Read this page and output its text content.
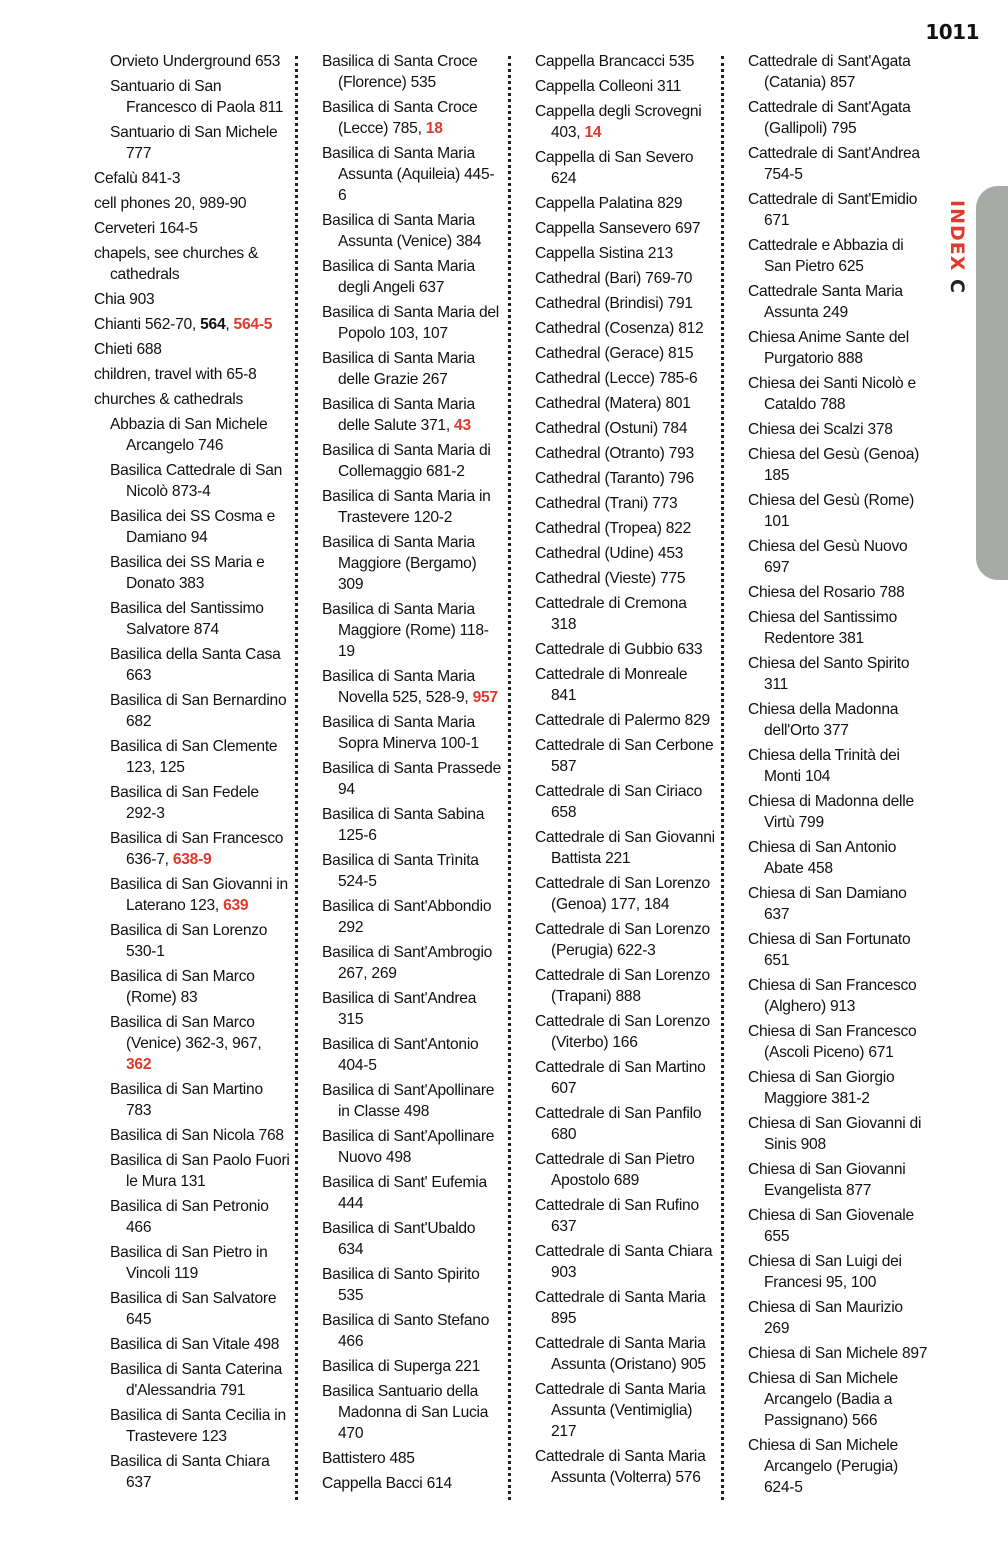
1011
INDEXC
Orvieto Underground 653
Santuario di San Francesco di Paola 811
Santuario di San Michele 777
Cefalù 841-3
cell phones 20, 989-90
Cerveteri 164-5
chapels, see churches & cathedrals
Chia 903
Chianti 562-70, 564, 564-5
Chieti 688
children, travel with 65-8
churches & cathedrals
Abbazia di San Michele Arcangelo 746
Basilica Cattedrale di San Nicolò 873-4
Basilica dei SS Cosma e Damiano 94
Basilica dei SS Maria e Donato 383
Basilica del Santissimo Salvatore 874
Basilica della Santa Casa 663
Basilica di San Bernardino 682
Basilica di San Clemente 123, 125
Basilica di San Fedele 292-3
Basilica di San Francesco 636-7, 638-9
Basilica di San Giovanni in Laterano 123, 639
Basilica di San Lorenzo 530-1
Basilica di San Marco (Rome) 83
Basilica di San Marco (Venice) 362-3, 967, 362
Basilica di San Martino 783
Basilica di San Nicola 768
Basilica di San Paolo Fuori le Mura 131
Basilica di San Petronio 466
Basilica di San Pietro in Vincoli 119
Basilica di San Salvatore 645
Basilica di San Vitale 498
Basilica di Santa Caterina d'Alessandria 791
Basilica di Santa Cecilia in Trastevere 123
Basilica di Santa Chiara 637
Basilica di Santa Croce (Florence) 535
Basilica di Santa Croce (Lecce) 785, 18
Basilica di Santa Maria Assunta (Aquileia) 445-6
Basilica di Santa Maria Assunta (Venice) 384
Basilica di Santa Maria degli Angeli 637
Basilica di Santa Maria del Popolo 103, 107
Basilica di Santa Maria delle Grazie 267
Basilica di Santa Maria delle Salute 371, 43
Basilica di Santa Maria di Collemaggio 681-2
Basilica di Santa Maria in Trastevere 120-2
Basilica di Santa Maria Maggiore (Bergamo) 309
Basilica di Santa Maria Maggiore (Rome) 118-19
Basilica di Santa Maria Novella 525, 528-9, 957
Basilica di Santa Maria Sopra Minerva 100-1
Basilica di Santa Prassede 94
Basilica di Santa Sabina 125-6
Basilica di Santa Trìnita 524-5
Basilica di Sant'Abbondio 292
Basilica di Sant'Ambrogio 267, 269
Basilica di Sant'Andrea 315
Basilica di Sant'Antonio 404-5
Basilica di Sant'Apollinare in Classe 498
Basilica di Sant'Apollinare Nuovo 498
Basilica di Sant' Eufemia 444
Basilica di Sant'Ubaldo 634
Basilica di Santo Spirito 535
Basilica di Santo Stefano 466
Basilica di Superga 221
Basilica Santuario della Madonna di San Lucia 470
Battistero 485
Cappella Bacci 614
Cappella Brancacci 535
Cappella Colleoni 311
Cappella degli Scrovegni 403, 14
Cappella di San Severo 624
Cappella Palatina 829
Cappella Sansevero 697
Cappella Sistina 213
Cathedral (Bari) 769-70
Cathedral (Brindisi) 791
Cathedral (Cosenza) 812
Cathedral (Gerace) 815
Cathedral (Lecce) 785-6
Cathedral (Matera) 801
Cathedral (Ostuni) 784
Cathedral (Otranto) 793
Cathedral (Taranto) 796
Cathedral (Trani) 773
Cathedral (Tropea) 822
Cathedral (Udine) 453
Cathedral (Vieste) 775
Cattedrale di Cremona 318
Cattedrale di Gubbio 633
Cattedrale di Monreale 841
Cattedrale di Palermo 829
Cattedrale di San Cerbone 587
Cattedrale di San Ciriaco 658
Cattedrale di San Giovanni Battista 221
Cattedrale di San Lorenzo (Genoa) 177, 184
Cattedrale di San Lorenzo (Perugia) 622-3
Cattedrale di San Lorenzo (Trapani) 888
Cattedrale di San Lorenzo (Viterbo) 166
Cattedrale di San Martino 607
Cattedrale di San Panfilo 680
Cattedrale di San Pietro Apostolo 689
Cattedrale di San Rufino 637
Cattedrale di Santa Chiara 903
Cattedrale di Santa Maria 895
Cattedrale di Santa Maria Assunta (Oristano) 905
Cattedrale di Santa Maria Assunta (Ventimiglia) 217
Cattedrale di Santa Maria Assunta (Volterra) 576
Cattedrale di Sant'Agata (Catania) 857
Cattedrale di Sant'Agata (Gallipoli) 795
Cattedrale di Sant'Andrea 754-5
Cattedrale di Sant'Emidio 671
Cattedrale e Abbazia di San Pietro 625
Cattedrale Santa Maria Assunta 249
Chiesa Anime Sante del Purgatorio 888
Chiesa dei Santi Nicolò e Cataldo 788
Chiesa dei Scalzi 378
Chiesa del Gesù (Genoa) 185
Chiesa del Gesù (Rome) 101
Chiesa del Gesù Nuovo 697
Chiesa del Rosario 788
Chiesa del Santissimo Redentore 381
Chiesa del Santo Spirito 311
Chiesa della Madonna dell'Orto 377
Chiesa della Trinità dei Monti 104
Chiesa di Madonna delle Virtù 799
Chiesa di San Antonio Abate 458
Chiesa di San Damiano 637
Chiesa di San Fortunato 651
Chiesa di San Francesco (Alghero) 913
Chiesa di San Francesco (Ascoli Piceno) 671
Chiesa di San Giorgio Maggiore 381-2
Chiesa di San Giovanni di Sinis 908
Chiesa di San Giovanni Evangelista 877
Chiesa di San Giovenale 655
Chiesa di San Luigi dei Francesi 95, 100
Chiesa di San Maurizio 269
Chiesa di San Michele 897
Chiesa di San Michele Arcangelo (Badia a Passignano) 566
Chiesa di San Michele Arcangelo (Perugia) 624-5
